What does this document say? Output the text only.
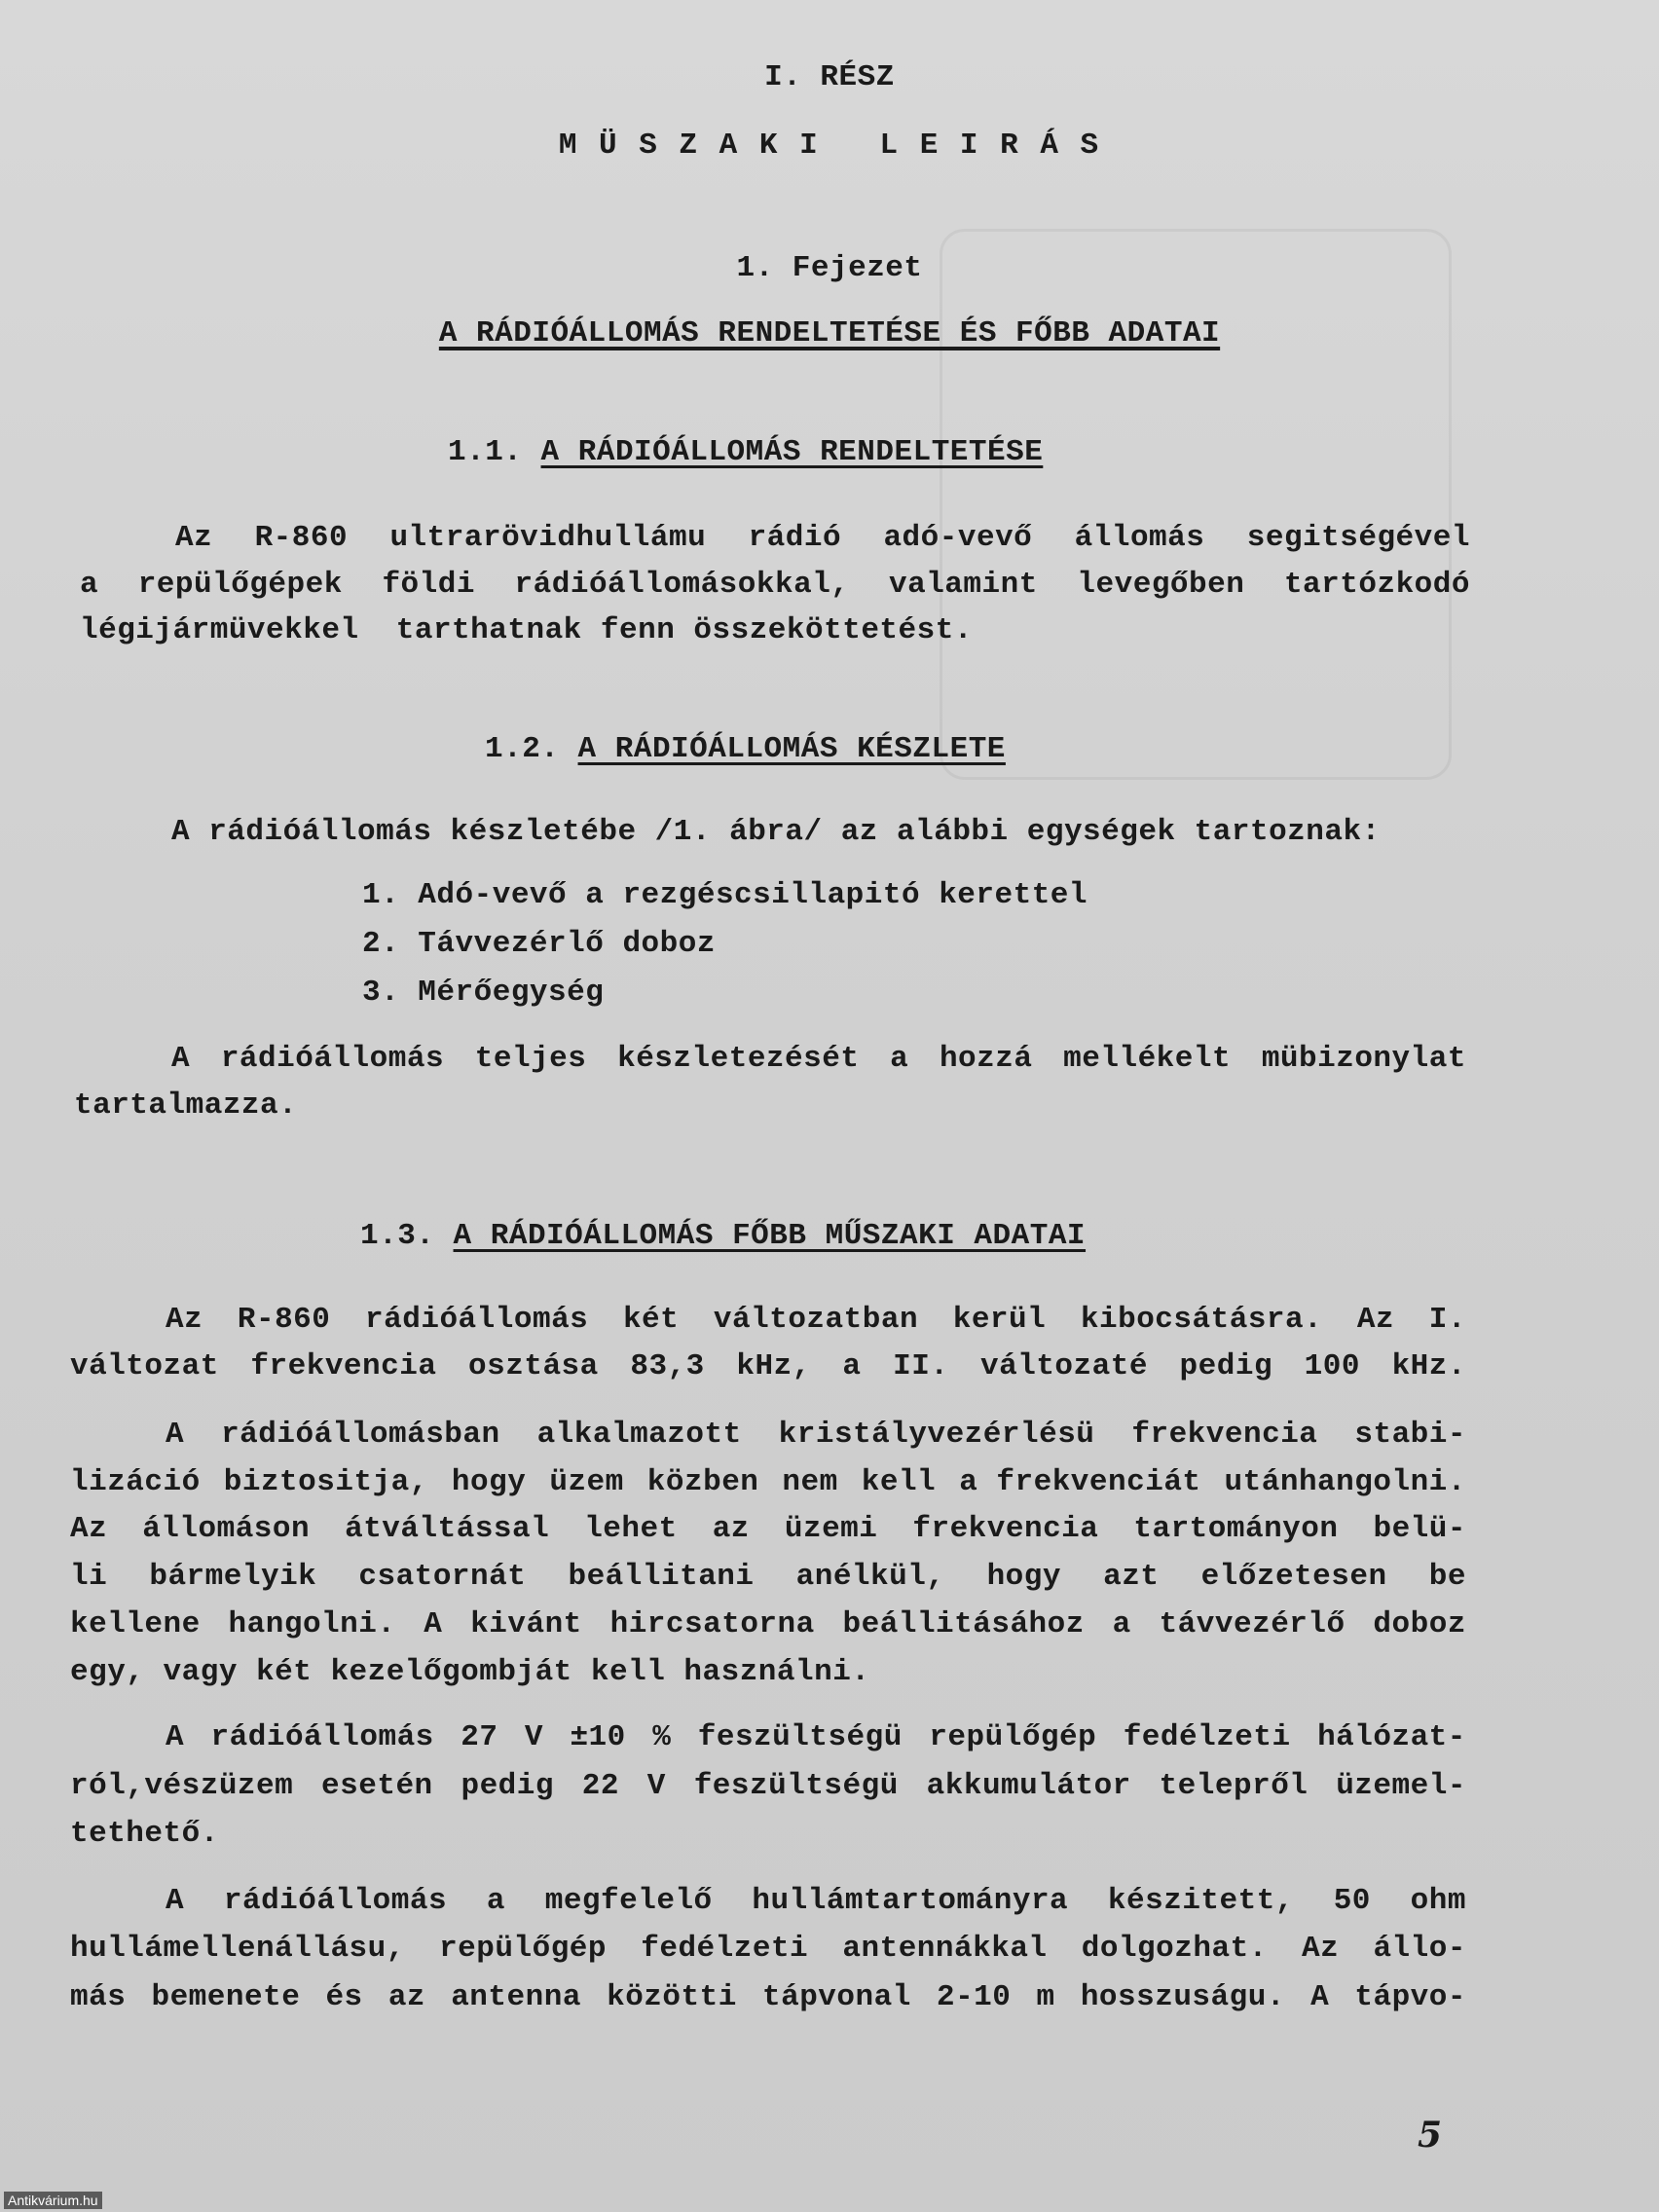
I. RÉSZ
M Ü S Z A K I   L E I R Á S
1. Fejezet
A RÁDIÓÁLLOMÁS RENDELTETÉSE ÉS FŐBB ADATAI
1.1. A RÁDIÓÁLLOMÁS RENDELTETÉSE
Az R-860 ultrarövidhullámu rádió adó-vevő állomás segitségével
a repülőgépek földi rádióállomásokkal, valamint levegőben tartózkodó
légijármüvekkel  tarthatnak fenn összeköttetést.
1.2. A RÁDIÓÁLLOMÁS KÉSZLETE
A rádióállomás készletébe /1. ábra/ az alábbi egységek tartoznak:
1. Adó-vevő a rezgéscsillapitó kerettel
2. Távvezérlő doboz
3. Mérőegység
A rádióállomás teljes készletezését a hozzá mellékelt mübizonylat
tartalmazza.
1.3. A RÁDIÓÁLLOMÁS FŐBB MŰSZAKI ADATAI
Az R-860 rádióállomás két változatban kerül kibocsátásra. Az I.
változat frekvencia osztása 83,3 kHz, a II. változaté pedig 100 kHz.
A rádióállomásban alkalmazott kristályvezérlésü frekvencia stabi-
lizáció biztositja, hogy üzem közben nem kell a frekvenciát utánhangolni.
Az állomáson átváltással lehet az üzemi frekvencia tartományon belü-
li bármelyik csatornát beállitani anélkül, hogy azt előzetesen be
kellene hangolni. A kivánt hircsatorna beállitásához a távvezérlő doboz
egy, vagy két kezelőgombját kell használni.
A rádióállomás 27 V ±10 % feszültségü repülőgép fedélzeti hálózat-
ról,vészüzem esetén pedig 22 V feszültségü akkumulátor telepről üzemel-
tethető.
A rádióállomás a megfelelő hullámtartományra készitett, 50 ohm
hullámellenállásu, repülőgép fedélzeti antennákkal dolgozhat. Az állo-
más bemenete és az antenna közötti tápvonal 2-10 m hosszuságu. A tápvo-
5
Antikvárium.hu
